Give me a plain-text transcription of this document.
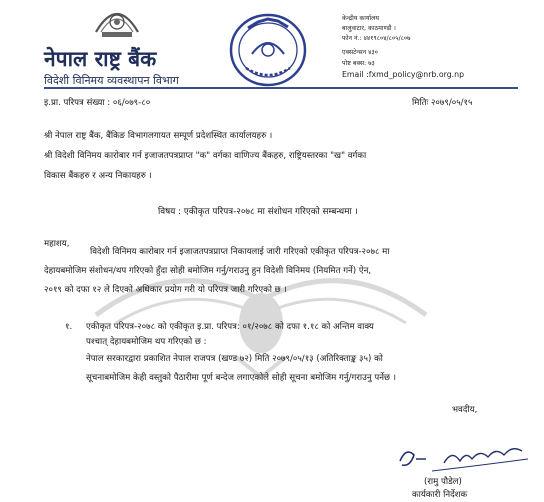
नेपाल राष्ट्र बैंक
विदेशी विनिमय व्यवस्थापन विभाग
केन्द्रीय कार्यालय
बालुवाटार, काठमाण्डौ ।
फोन नं.: ४४१९८०४/८०५/८०७
एक्सटेन्सन ४३०
पोष्ट बक्स: ७३
Email :fxmd_policy@nrb.org.np
इ.प्रा. परिपत्र संख्या : ०६/०७९-८०	मितिः २०७९/०५/१५
श्री नेपाल राष्ट्र बैंक, बैंकिङ विभागलगायत सम्पूर्ण प्रदेशस्थित कार्यालयहरु ।
श्री विदेशी विनिमय कारोबार गर्न इजाजतपत्रप्राप्त "क" वर्गका वाणिज्य बैंकहरु, राष्ट्रियस्तरका "ख" वर्गका
विकास बैंकहरु र अन्य निकायहरु ।
विषय : एकीकृत परिपत्र-२०७८ मा संशोधन गरिएको सम्बन्धमा ।
महाशय,
विदेशी विनिमय कारोबार गर्न इजाजतपत्रप्राप्त निकायलाई जारी गरिएको एकीकृत परिपत्र-२०७८ मा
देहायबमोजिम संशोधन/थप गरिएको हुँदा सोही बमोजिम गर्नु/गराउनु हुन विदेशी विनिमय (नियमित गर्ने) ऐन,
२०१९ को दफा १२ ले दिएको अधिकार प्रयोग गरी यो परिपत्र जारी गरिएको छ ।
१. एकीकृत परिपत्र-२०७८ को एकीकृत इ.प्रा. परिपत्र: ०१/२०७८ को दफा १.१८ को अन्तिम वाक्य
पश्चात् देहायबमोजिम थप गरिएको छ :
नेपाल सरकारद्वारा प्रकाशित नेपाल राजपत्र (खण्ड ७२) मिति २०७९/०५/१३ (अतिरिक्ताङ्क ३५) को
सूचनाबमोजिम केही वस्तुको पैठारीमा पूर्ण बन्देज लगाएकोले सोही सूचना बमोजिम गर्नु/गराउनु पर्नेछ ।
भवदीय,
(रामु पौडेल)
कार्यकारी निर्देशक
